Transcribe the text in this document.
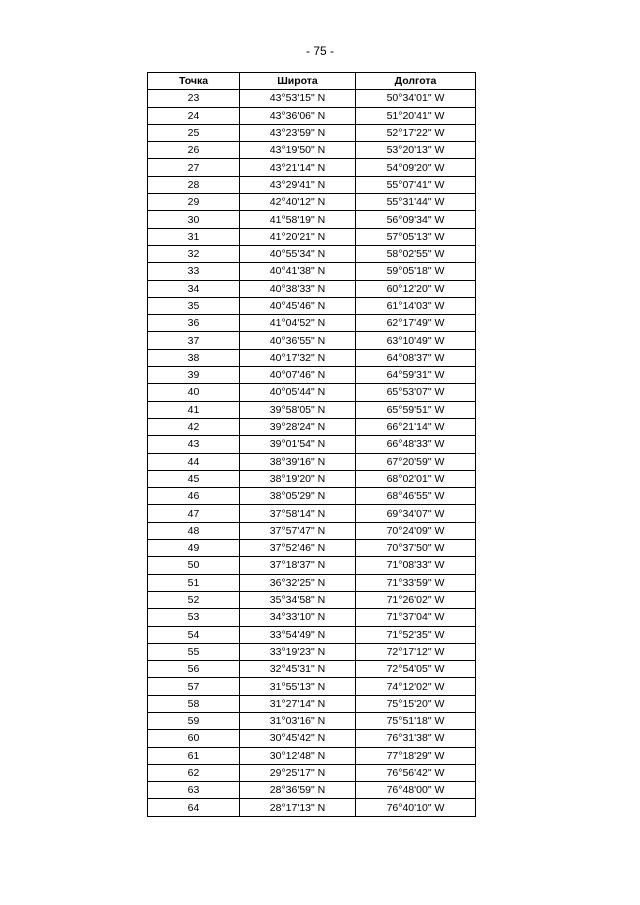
- 75 -
Точка	Широта	Долгота
23	43°53'15" N	50°34'01" W
24	43°36'06" N	51°20'41" W
25	43°23'59" N	52°17'22" W
26	43°19'50" N	53°20'13" W
27	43°21'14" N	54°09'20" W
28	43°29'41" N	55°07'41" W
29	42°40'12" N	55°31'44" W
30	41°58'19" N	56°09'34" W
31	41°20'21" N	57°05'13" W
32	40°55'34" N	58°02'55" W
33	40°41'38" N	59°05'18" W
34	40°38'33" N	60°12'20" W
35	40°45'46" N	61°14'03" W
36	41°04'52" N	62°17'49" W
37	40°36'55" N	63°10'49" W
38	40°17'32" N	64°08'37" W
39	40°07'46" N	64°59'31" W
40	40°05'44" N	65°53'07" W
41	39°58'05" N	65°59'51" W
42	39°28'24" N	66°21'14" W
43	39°01'54" N	66°48'33" W
44	38°39'16" N	67°20'59" W
45	38°19'20" N	68°02'01" W
46	38°05'29" N	68°46'55" W
47	37°58'14" N	69°34'07" W
48	37°57'47" N	70°24'09" W
49	37°52'46" N	70°37'50" W
50	37°18'37" N	71°08'33" W
51	36°32'25" N	71°33'59" W
52	35°34'58" N	71°26'02" W
53	34°33'10" N	71°37'04" W
54	33°54'49" N	71°52'35" W
55	33°19'23" N	72°17'12" W
56	32°45'31" N	72°54'05" W
57	31°55'13" N	74°12'02" W
58	31°27'14" N	75°15'20" W
59	31°03'16" N	75°51'18" W
60	30°45'42" N	76°31'38" W
61	30°12'48" N	77°18'29" W
62	29°25'17" N	76°56'42" W
63	28°36'59" N	76°48'00" W
64	28°17'13" N	76°40'10" W
